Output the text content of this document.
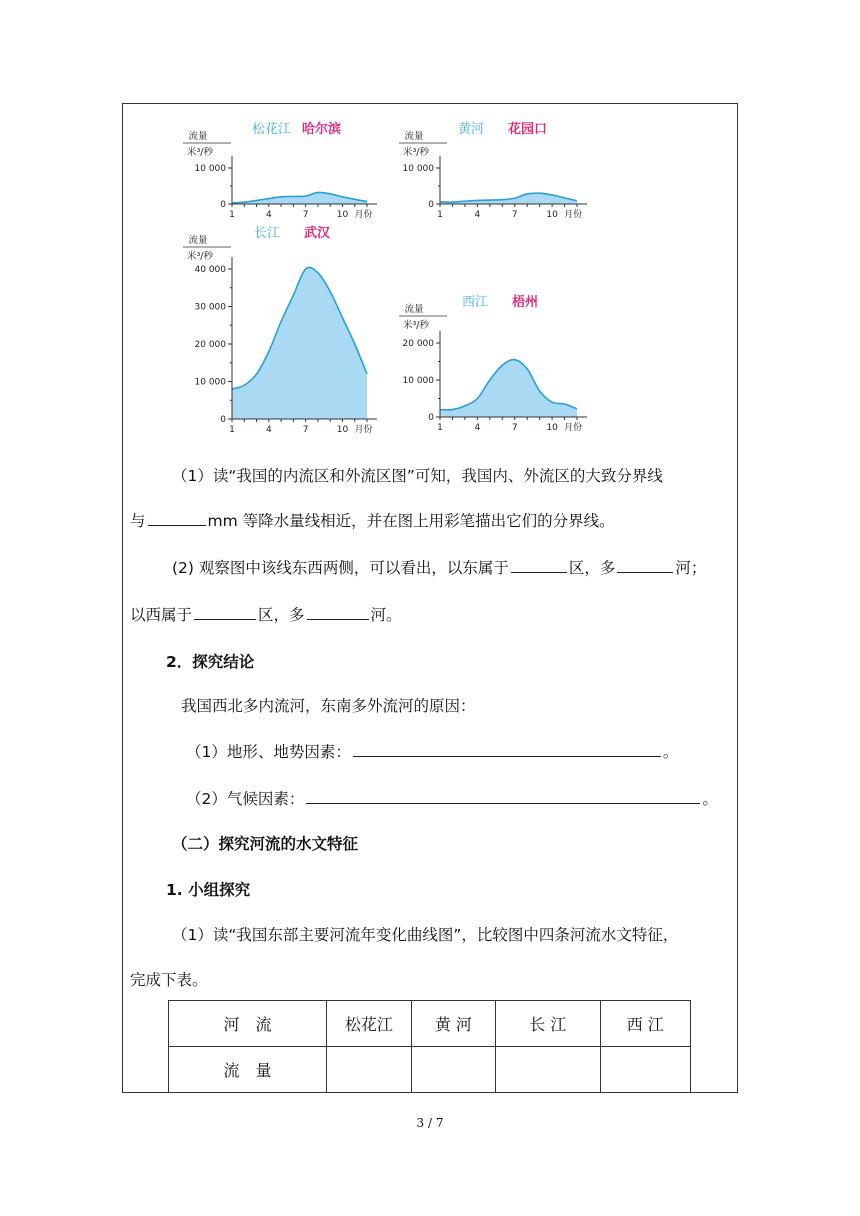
0
10 000
1	4	7	10 月份
流量
米³/秒
松花江 哈尔滨
0
10 000
1	4	7	10 月份
流量
米³/秒
黄河 花园口
0
10 000
20 000
30 000
40 000
1	4	7	10 月份
流量
米³/秒
长江 武汉
0
10 000
20 000
1	4	7	10 月份
流量
米³/秒
西江 梧州
（1）读“我国的内流区和外流区图”可知，我国内、外流区的大致分界线
与	mm 等降水量线相近，并在图上用彩笔描出它们的分界线。
(2) 观察图中该线东西两侧，可以看出，以东属于	区，多	河；
以西属于	区，多	河。
2．探究结论
我国西北多内流河，东南多外流河的原因：
（1）地形、地势因素：	。
（2）气候因素：	。
（二）探究河流的水文特征
1. 小组探究
（1）读“我国东部主要河流年变化曲线图”，比较图中四条河流水文特征，
完成下表。
河　流	松花江	黄 河	长 江	西 江
流　量				
3 / 7
